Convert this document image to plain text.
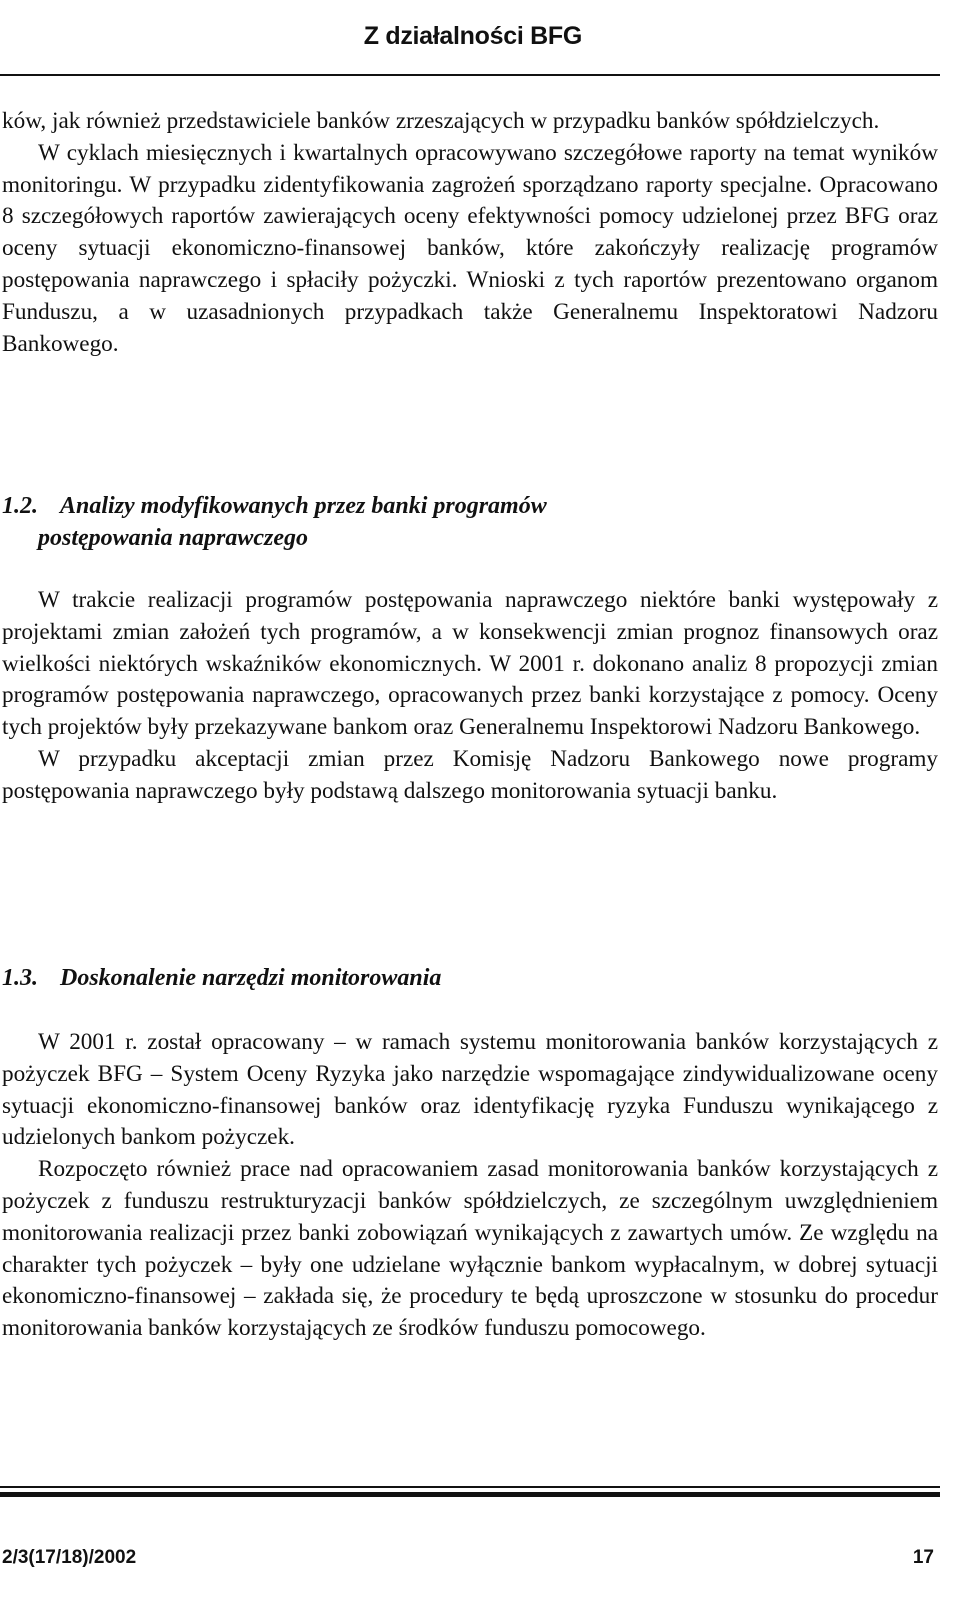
Z działalności BFG

ków, jak również przedstawiciele banków zrzeszających w przypadku banków spółdzielczych.

W cyklach miesięcznych i kwartalnych opracowywano szczegółowe raporty na temat wyników monitoringu. W przypadku zidentyfikowania zagrożeń sporządzano raporty specjalne. Opracowano 8 szczegółowych raportów zawierających oceny efektywności pomocy udzielonej przez BFG oraz oceny sytuacji ekonomiczno-finansowej banków, które zakończyły realizację programów postępowania naprawczego i spłaciły pożyczki. Wnioski z tych raportów prezentowano organom Funduszu, a w uzasadnionych przypadkach także Generalnemu Inspektoratowi Nadzoru Bankowego.

1.2. Analizy modyfikowanych przez banki programów
postępowania naprawczego

W trakcie realizacji programów postępowania naprawczego niektóre banki występowały z projektami zmian założeń tych programów, a w konsekwencji zmian prognoz finansowych oraz wielkości niektórych wskaźników ekonomicznych. W 2001 r. dokonano analiz 8 propozycji zmian programów postępowania naprawczego, opracowanych przez banki korzystające z pomocy. Oceny tych projektów były przekazywane bankom oraz Generalnemu Inspektorowi Nadzoru Bankowego.

W przypadku akceptacji zmian przez Komisję Nadzoru Bankowego nowe programy postępowania naprawczego były podstawą dalszego monitorowania sytuacji banku.

1.3. Doskonalenie narzędzi monitorowania

W 2001 r. został opracowany – w ramach systemu monitorowania banków korzystających z pożyczek BFG – System Oceny Ryzyka jako narzędzie wspomagające zindywidualizowane oceny sytuacji ekonomiczno-finansowej banków oraz identyfikację ryzyka Funduszu wynikającego z udzielonych bankom pożyczek.

Rozpoczęto również prace nad opracowaniem zasad monitorowania banków korzystających z pożyczek z funduszu restrukturyzacji banków spółdzielczych, ze szczególnym uwzględnieniem monitorowania realizacji przez banki zobowiązań wynikających z zawartych umów. Ze względu na charakter tych pożyczek – były one udzielane wyłącznie bankom wypłacalnym, w dobrej sytuacji ekonomiczno-finansowej – zakłada się, że procedury te będą uproszczone w stosunku do procedur monitorowania banków korzystających ze środków funduszu pomocowego.

2/3(17/18)/2002	17
